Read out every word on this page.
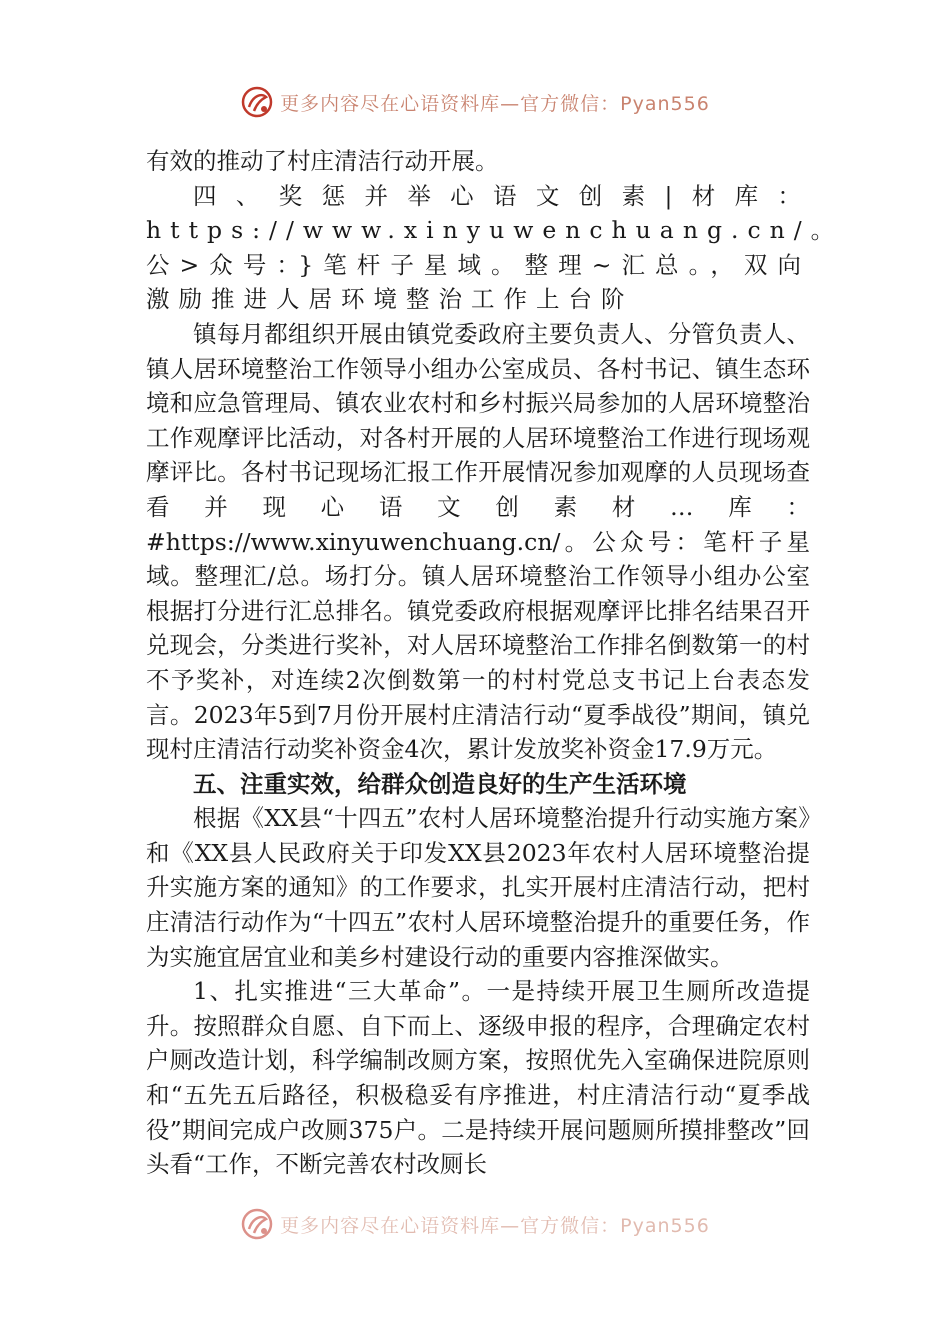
更多内容尽在心语资料库—官方微信：Pyan556

有效的推动了村庄清洁行动开展。

四、奖惩并举心语文创素|材库：https://www.xinyuwenchuang.cn/。公>众号：}笔杆子星域。整理~汇总。，双向激励推进人居环境整治工作上台阶

镇每月都组织开展由镇党委政府主要负责人、分管负责人、镇人居环境整治工作领导小组办公室成员、各村书记、镇生态环境和应急管理局、镇农业农村和乡村振兴局参加的人居环境整治工作观摩评比活动，对各村开展的人居环境整治工作进行现场观摩评比。各村书记现场汇报工作开展情况参加观摩的人员现场查看并现心语文创素材…库：#https://www.xinyuwenchuang.cn/。公众号：笔杆子星域。整理汇/总。场打分。镇人居环境整治工作领导小组办公室根据打分进行汇总排名。镇党委政府根据观摩评比排名结果召开兑现会，分类进行奖补，对人居环境整治工作排名倒数第一的村不予奖补，对连续2次倒数第一的村村党总支书记上台表态发言。2023年5到7月份开展村庄清洁行动“夏季战役”期间，镇兑现村庄清洁行动奖补资金4次，累计发放奖补资金17.9万元。

五、注重实效，给群众创造良好的生产生活环境

根据《XX县“十四五”农村人居环境整治提升行动实施方案》和《XX县人民政府关于印发XX县2023年农村人居环境整治提升实施方案的通知》的工作要求，扎实开展村庄清洁行动，把村庄清洁行动作为“十四五”农村人居环境整治提升的重要任务，作为实施宜居宜业和美乡村建设行动的重要内容推深做实。

1、扎实推进“三大革命”。一是持续开展卫生厕所改造提升。按照群众自愿、自下而上、逐级申报的程序，合理确定农村户厕改造计划，科学编制改厕方案，按照优先入室确保进院原则和“五先五后路径，积极稳妥有序推进，村庄清洁行动“夏季战役”期间完成户改厕375户。二是持续开展问题厕所摸排整改”回头看“工作，不断完善农村改厕长

更多内容尽在心语资料库—官方微信：Pyan556
